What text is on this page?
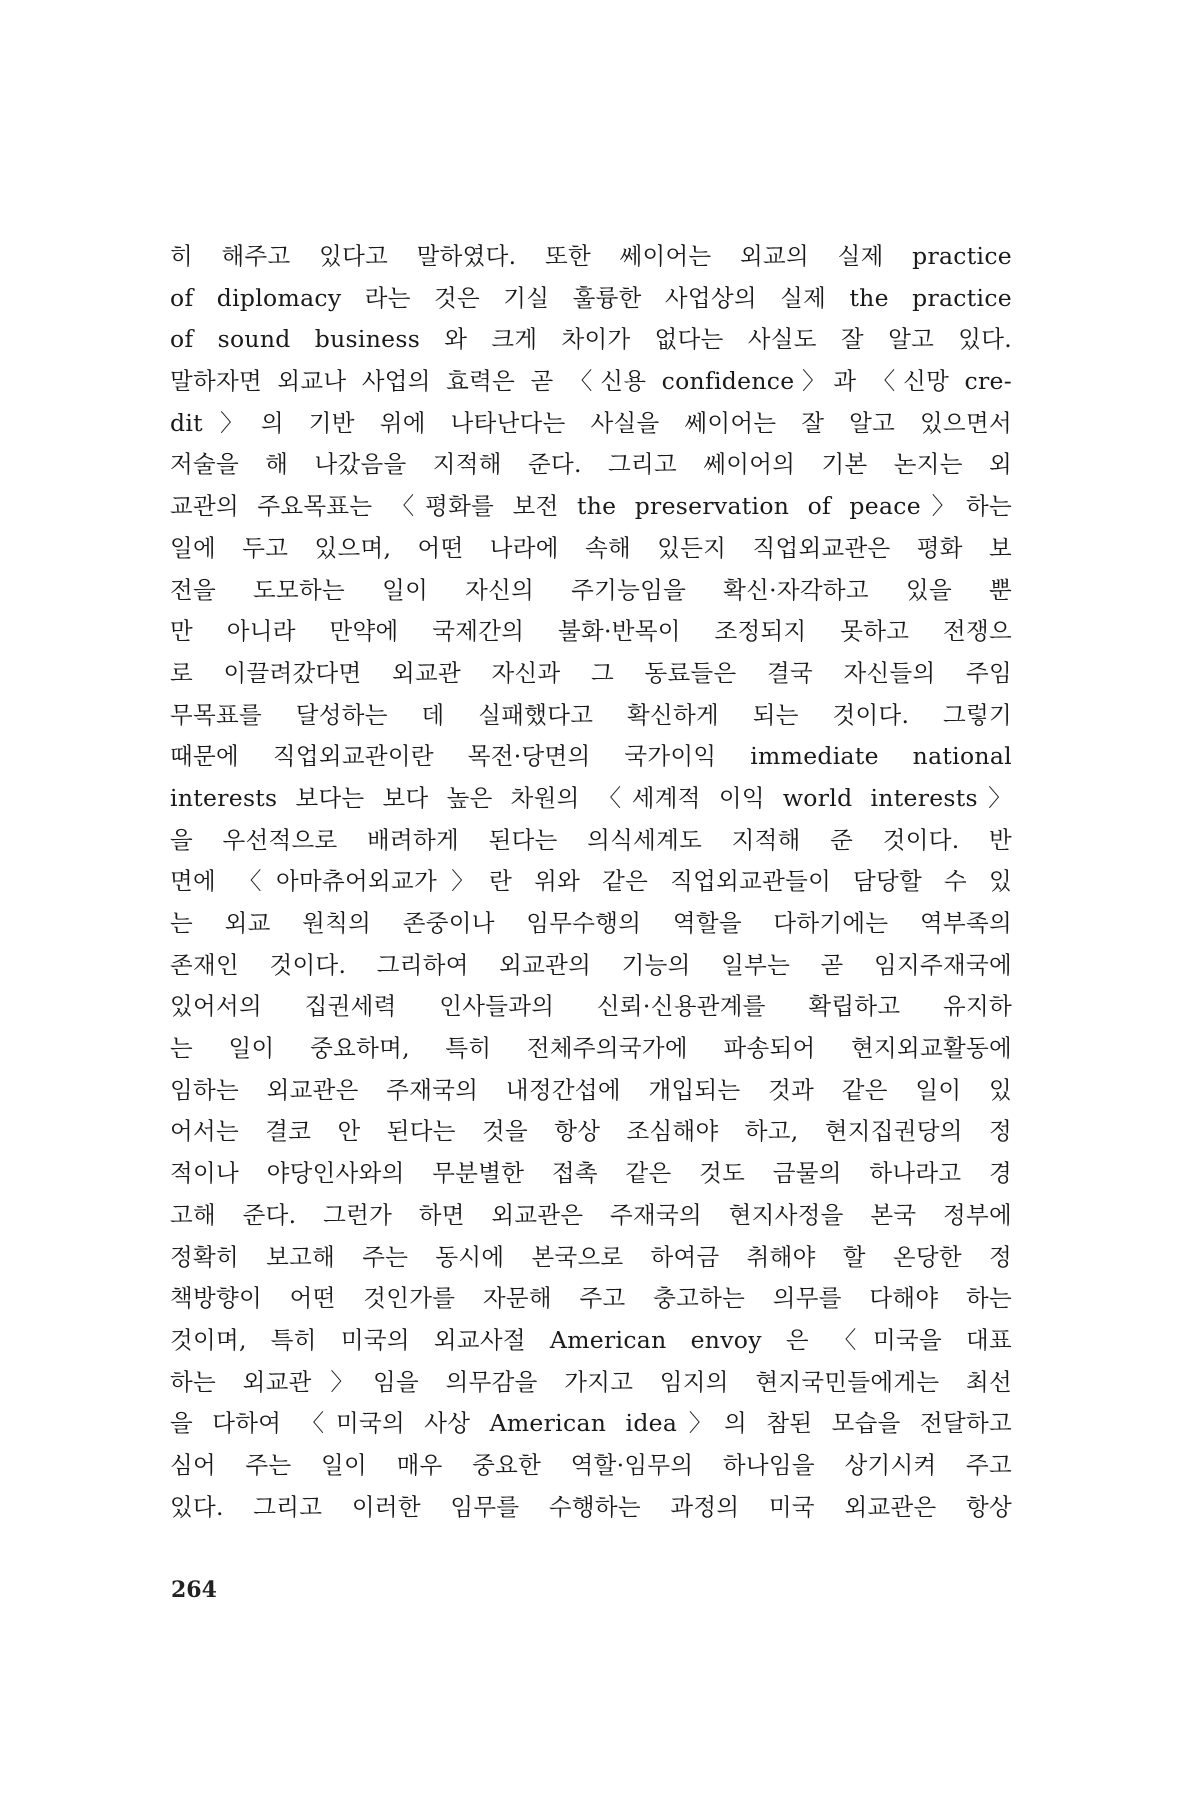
히 해주고 있다고 말하였다. 또한 쎄이어는 외교의 실제 practice
of diplomacy 라는 것은 기실 훌륭한 사업상의 실제 the practice
of sound business 와 크게 차이가 없다는 사실도 잘 알고 있다.
말하자면 외교나 사업의 효력은 곧 〈신용 confidence〉과 〈신망 cre-
dit〉의 기반 위에 나타난다는 사실을 쎄이어는 잘 알고 있으면서
저술을 해 나갔음을 지적해 준다. 그리고 쎄이어의 기본 논지는 외
교관의 주요목표는 〈평화를 보전 the preservation of peace〉하는
일에 두고 있으며, 어떤 나라에 속해 있든지 직업외교관은 평화 보
전을 도모하는 일이 자신의 주기능임을 확신·자각하고 있을 뿐
만 아니라 만약에 국제간의 불화·반목이 조정되지 못하고 전쟁으
로 이끌려갔다면 외교관 자신과 그 동료들은 결국 자신들의 주임
무목표를 달성하는 데 실패했다고 확신하게 되는 것이다. 그렇기
때문에 직업외교관이란 목전·당면의 국가이익 immediate national
interests 보다는 보다 높은 차원의 〈세계적 이익 world interests〉
을 우선적으로 배려하게 된다는 의식세계도 지적해 준 것이다. 반
면에 〈아마츄어외교가〉란 위와 같은 직업외교관들이 담당할 수 있
는 외교 원칙의 존중이나 임무수행의 역할을 다하기에는 역부족의
존재인 것이다. 그리하여 외교관의 기능의 일부는 곧 임지주재국에
있어서의 집권세력 인사들과의 신뢰·신용관계를 확립하고 유지하
는 일이 중요하며, 특히 전체주의국가에 파송되어 현지외교활동에
임하는 외교관은 주재국의 내정간섭에 개입되는 것과 같은 일이 있
어서는 결코 안 된다는 것을 항상 조심해야 하고, 현지집권당의 정
적이나 야당인사와의 무분별한 접촉 같은 것도 금물의 하나라고 경
고해 준다. 그런가 하면 외교관은 주재국의 현지사정을 본국 정부에
정확히 보고해 주는 동시에 본국으로 하여금 취해야 할 온당한 정
책방향이 어떤 것인가를 자문해 주고 충고하는 의무를 다해야 하는
것이며, 특히 미국의 외교사절 American envoy 은 〈미국을 대표
하는 외교관〉임을 의무감을 가지고 임지의 현지국민들에게는 최선
을 다하여 〈미국의 사상 American idea〉의 참된 모습을 전달하고
심어 주는 일이 매우 중요한 역할·임무의 하나임을 상기시켜 주고
있다. 그리고 이러한 임무를 수행하는 과정의 미국 외교관은 항상
264
